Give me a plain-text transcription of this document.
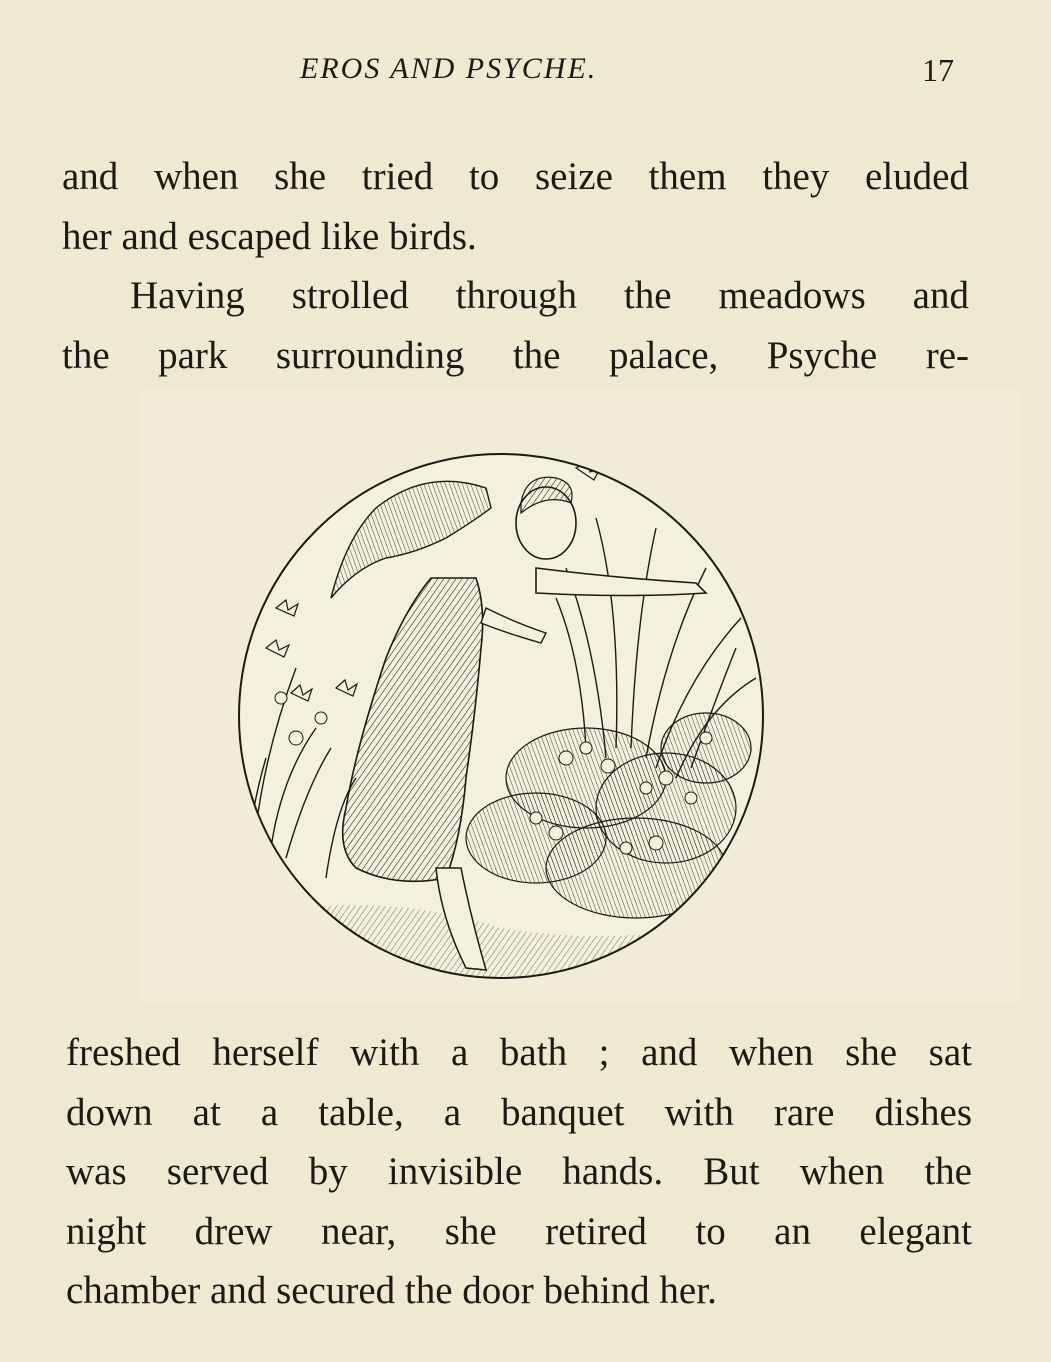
EROS AND PSYCHE.	17
and when she tried to seize them they eluded
her and escaped like birds.
Having strolled through the meadows and
the park surrounding the palace, Psyche re-
freshed herself with a bath ; and when she sat
down at a table, a banquet with rare dishes
was served by invisible hands. But when the
night drew near, she retired to an elegant
chamber and secured the door behind her.
